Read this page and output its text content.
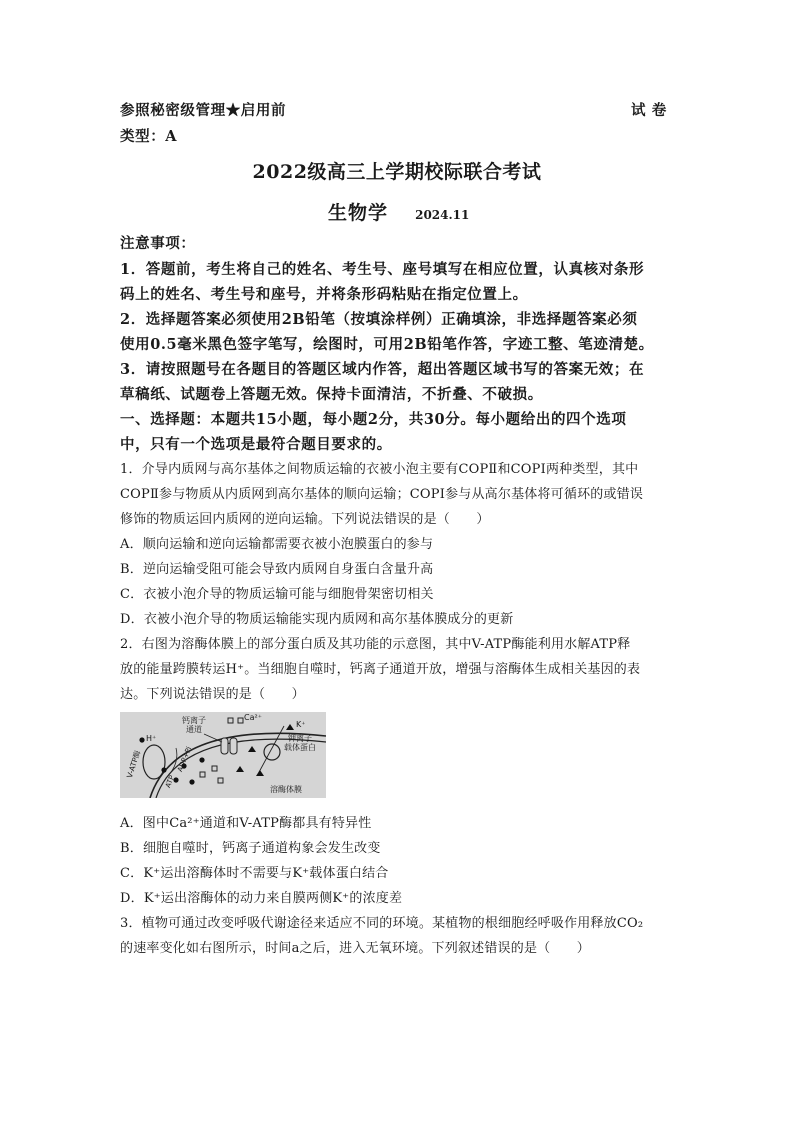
参照秘密级管理★启用前	试 卷
类型：A
2022级高三上学期校际联合考试
生物学 2024.11
注意事项：
1．答题前，考生将自己的姓名、考生号、座号填写在相应位置，认真核对条形
码上的姓名、考生号和座号，并将条形码粘贴在指定位置上。
2．选择题答案必须使用2B铅笔（按填涂样例）正确填涂，非选择题答案必须
使用0.5毫米黑色签字笔写，绘图时，可用2B铅笔作答，字迹工整、笔迹清楚。
3．请按照题号在各题目的答题区域内作答，超出答题区域书写的答案无效；在
草稿纸、试题卷上答题无效。保持卡面清洁，不折叠、不破损。
一、选择题：本题共15小题，每小题2分，共30分。每小题给出的四个选项
中，只有一个选项是最符合题目要求的。
1．介导内质网与高尔基体之间物质运输的衣被小泡主要有COPⅡ和COPⅠ两种类型，其中
COPⅡ参与物质从内质网到高尔基体的顺向运输；COPⅠ参与从高尔基体将可循环的或错误
修饰的物质运回内质网的逆向运输。下列说法错误的是（　　）
A．顺向运输和逆向运输都需要衣被小泡膜蛋白的参与
B．逆向运输受阻可能会导致内质网自身蛋白含量升高
C．衣被小泡介导的物质运输可能与细胞骨架密切相关
D．衣被小泡介导的物质运输能实现内质网和高尔基体膜成分的更新
2．右图为溶酶体膜上的部分蛋白质及其功能的示意图，其中V-ATP酶能利用水解ATP释
放的能量跨膜转运H⁺。当细胞自噬时，钙离子通道开放，增强与溶酶体生成相关基因的表
达。下列说法错误的是（　　）
钙离子
通道
Ca²⁺
H⁺
K⁺
钾离子
载体蛋白
V-ATP酶
ATP
ADP+Pi
溶酶体膜
A．图中Ca²⁺通道和V-ATP酶都具有特异性
B．细胞自噬时，钙离子通道构象会发生改变
C．K⁺运出溶酶体时不需要与K⁺载体蛋白结合
D．K⁺运出溶酶体的动力来自膜两侧K⁺的浓度差
3．植物可通过改变呼吸代谢途径来适应不同的环境。某植物的根细胞经呼吸作用释放CO₂
的速率变化如右图所示，时间a之后，进入无氧环境。下列叙述错误的是（　　）
